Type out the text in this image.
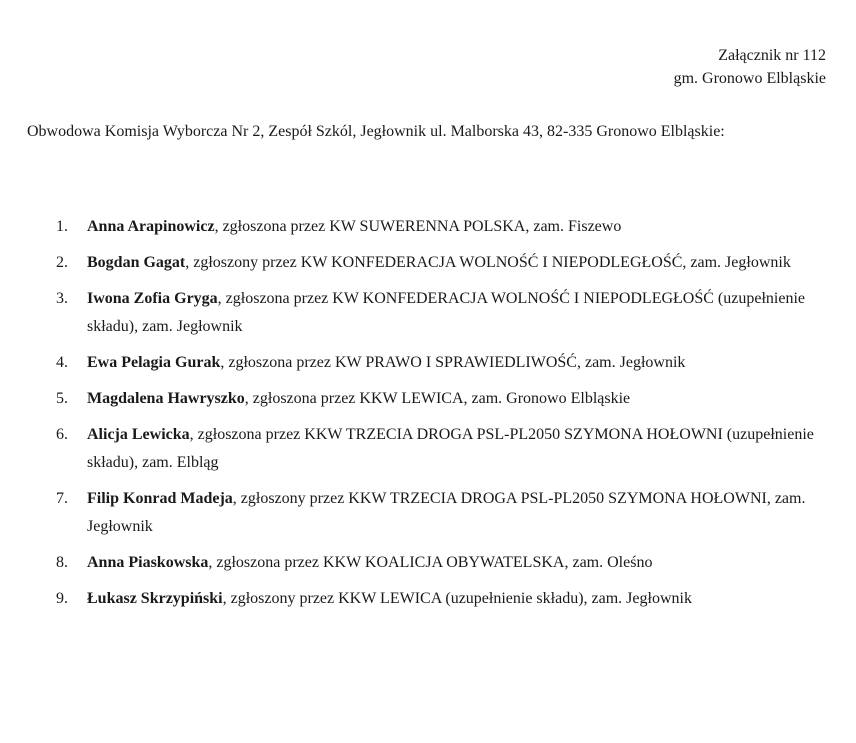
Załącznik nr 112
gm. Gronowo Elbląskie
Obwodowa Komisja Wyborcza Nr 2, Zespół Szkól, Jegłownik ul. Malborska 43, 82-335 Gronowo Elbląskie:
1. Anna Arapinowicz, zgłoszona przez KW SUWERENNA POLSKA, zam. Fiszewo
2. Bogdan Gagat, zgłoszony przez KW KONFEDERACJA WOLNOŚĆ I NIEPODLEGŁOŚĆ, zam. Jegłownik
3. Iwona Zofia Gryga, zgłoszona przez KW KONFEDERACJA WOLNOŚĆ I NIEPODLEGŁOŚĆ (uzupełnienie składu), zam. Jegłownik
4. Ewa Pelagia Gurak, zgłoszona przez KW PRAWO I SPRAWIEDLIWOŚĆ, zam. Jegłownik
5. Magdalena Hawryszko, zgłoszona przez KKW LEWICA, zam. Gronowo Elbląskie
6. Alicja Lewicka, zgłoszona przez KKW TRZECIA DROGA PSL-PL2050 SZYMONA HOŁOWNI (uzupełnienie składu), zam. Elbląg
7. Filip Konrad Madeja, zgłoszony przez KKW TRZECIA DROGA PSL-PL2050 SZYMONA HOŁOWNI, zam. Jegłownik
8. Anna Piaskowska, zgłoszona przez KKW KOALICJA OBYWATELSKA, zam. Oleśno
9. Łukasz Skrzypiński, zgłoszony przez KKW LEWICA (uzupełnienie składu), zam. Jegłownik
